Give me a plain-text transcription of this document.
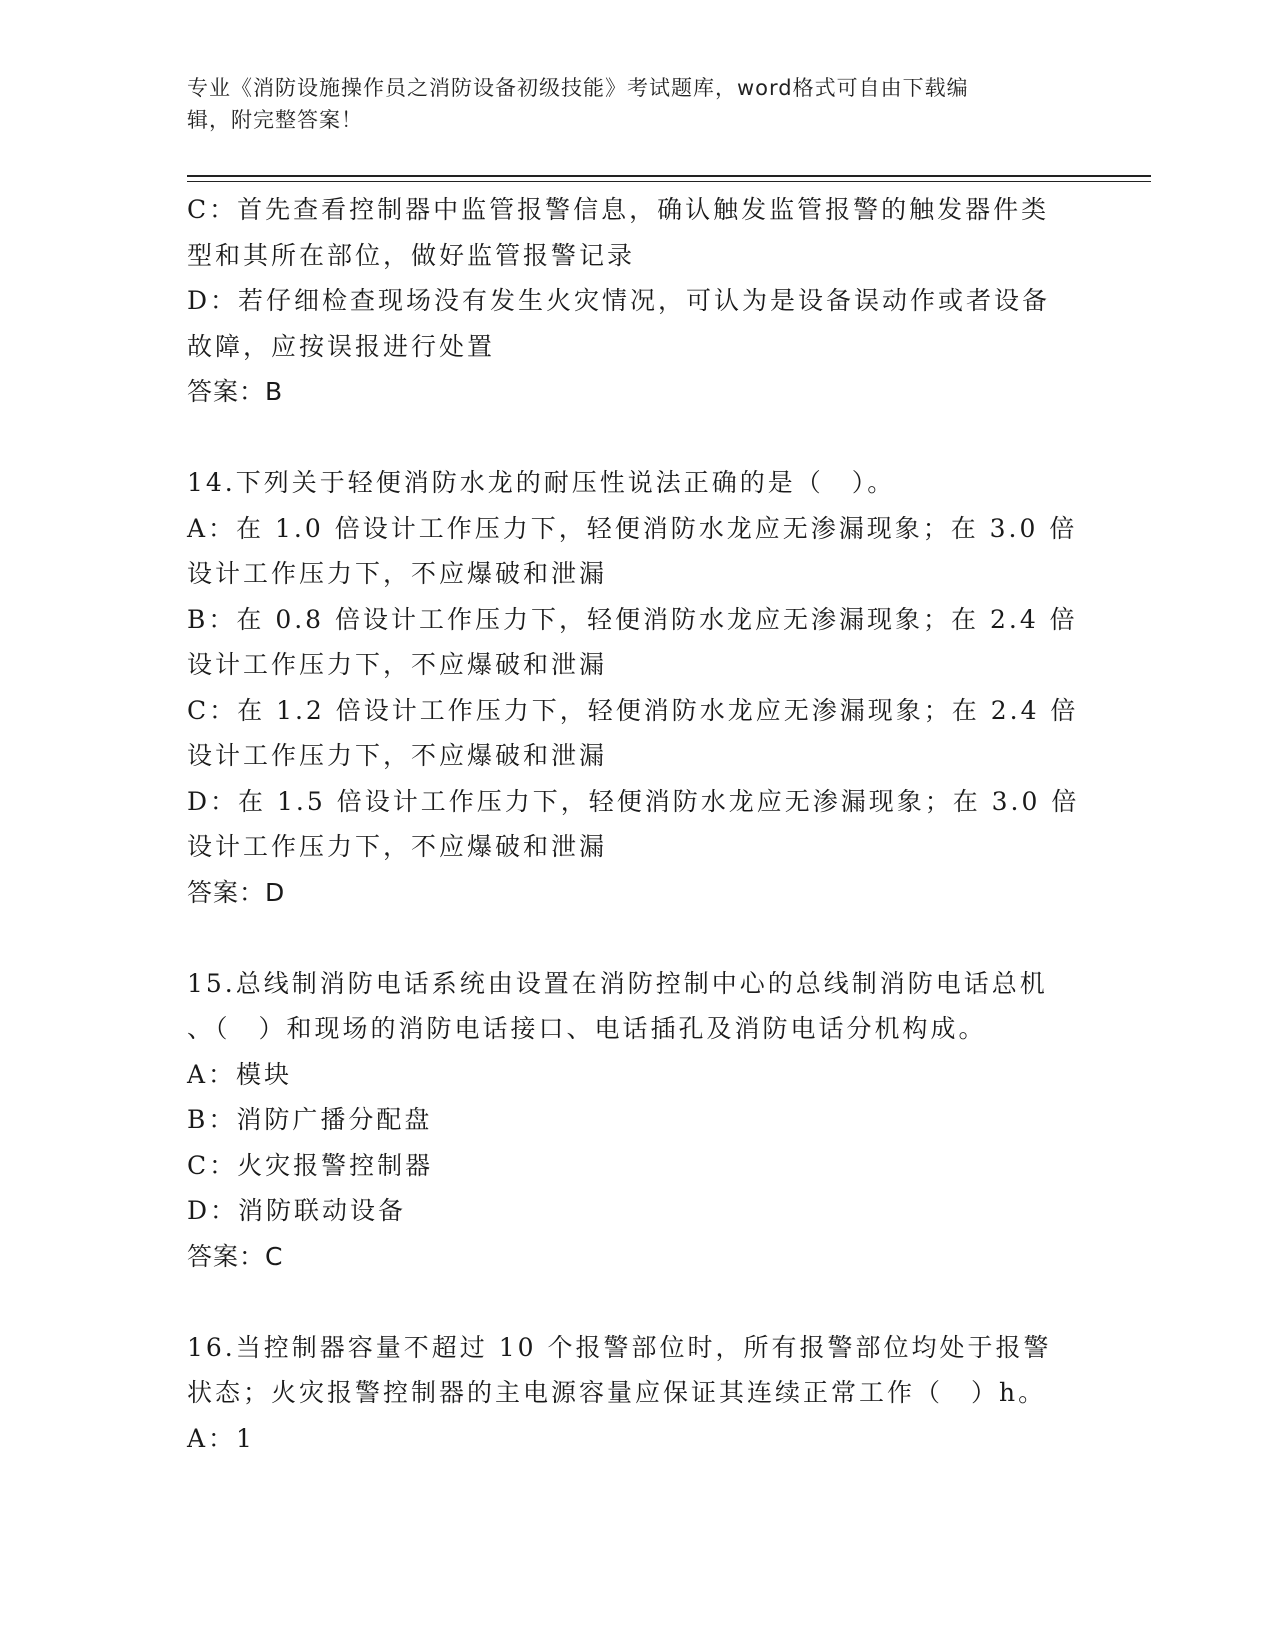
专业《消防设施操作员之消防设备初级技能》考试题库，word格式可自由下载编
辑，附完整答案！

C：首先查看控制器中监管报警信息，确认触发监管报警的触发器件类

型和其所在部位，做好监管报警记录

D：若仔细检查现场没有发生火灾情况，可认为是设备误动作或者设备

故障，应按误报进行处置

答案：B

14.下列关于轻便消防水龙的耐压性说法正确的是（　）。

A：在 1.0 倍设计工作压力下，轻便消防水龙应无渗漏现象；在 3.0 倍

设计工作压力下，不应爆破和泄漏

B：在 0.8 倍设计工作压力下，轻便消防水龙应无渗漏现象；在 2.4 倍

设计工作压力下，不应爆破和泄漏

C：在 1.2 倍设计工作压力下，轻便消防水龙应无渗漏现象；在 2.4 倍

设计工作压力下，不应爆破和泄漏

D：在 1.5 倍设计工作压力下，轻便消防水龙应无渗漏现象；在 3.0 倍

设计工作压力下，不应爆破和泄漏

答案：D

15.总线制消防电话系统由设置在消防控制中心的总线制消防电话总机

、（　）和现场的消防电话接口、电话插孔及消防电话分机构成。

A：模块

B：消防广播分配盘

C：火灾报警控制器

D：消防联动设备

答案：C

16.当控制器容量不超过 10 个报警部位时，所有报警部位均处于报警

状态；火灾报警控制器的主电源容量应保证其连续正常工作（　）h。

A：1
